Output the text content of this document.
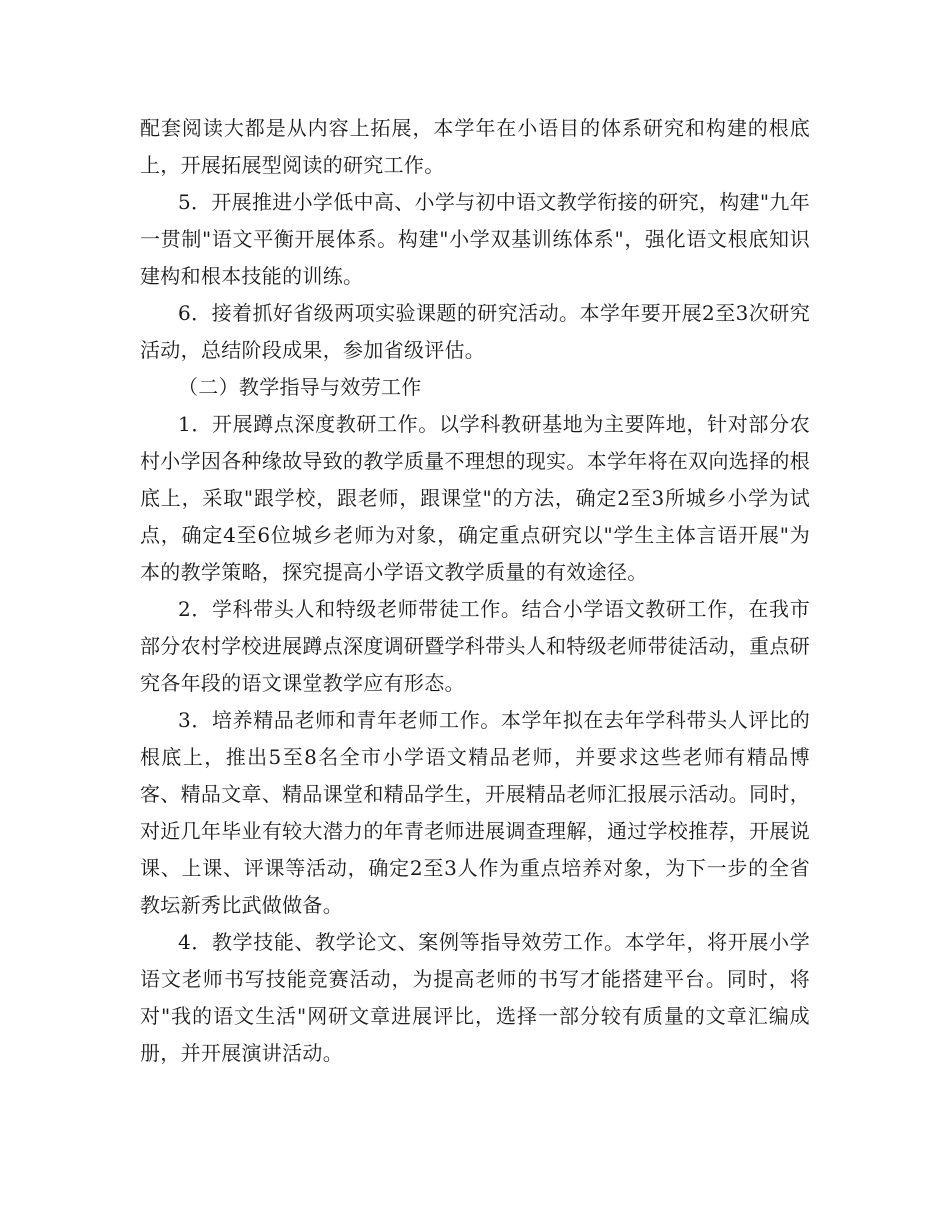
配套阅读大都是从内容上拓展，本学年在小语目的体系研究和构建的根底上，开展拓展型阅读的研究工作。

5．开展推进小学低中高、小学与初中语文教学衔接的研究，构建"九年一贯制"语文平衡开展体系。构建"小学双基训练体系"，强化语文根底知识建构和根本技能的训练。

6．接着抓好省级两项实验课题的研究活动。本学年要开展2至3次研究活动，总结阶段成果，参加省级评估。

（二）教学指导与效劳工作

1．开展蹲点深度教研工作。以学科教研基地为主要阵地，针对部分农村小学因各种缘故导致的教学质量不理想的现实。本学年将在双向选择的根底上，采取"跟学校，跟老师，跟课堂"的方法，确定2至3所城乡小学为试点，确定4至6位城乡老师为对象，确定重点研究以"学生主体言语开展"为本的教学策略，探究提高小学语文教学质量的有效途径。

2．学科带头人和特级老师带徒工作。结合小学语文教研工作，在我市部分农村学校进展蹲点深度调研暨学科带头人和特级老师带徒活动，重点研究各年段的语文课堂教学应有形态。

3．培养精品老师和青年老师工作。本学年拟在去年学科带头人评比的根底上，推出5至8名全市小学语文精品老师，并要求这些老师有精品博客、精品文章、精品课堂和精品学生，开展精品老师汇报展示活动。同时，对近几年毕业有较大潜力的年青老师进展调查理解，通过学校推荐，开展说课、上课、评课等活动，确定2至3人作为重点培养对象，为下一步的全省教坛新秀比武做做备。

4．教学技能、教学论文、案例等指导效劳工作。本学年，将开展小学语文老师书写技能竞赛活动，为提高老师的书写才能搭建平台。同时，将对"我的语文生活"网研文章进展评比，选择一部分较有质量的文章汇编成册，并开展演讲活动。
